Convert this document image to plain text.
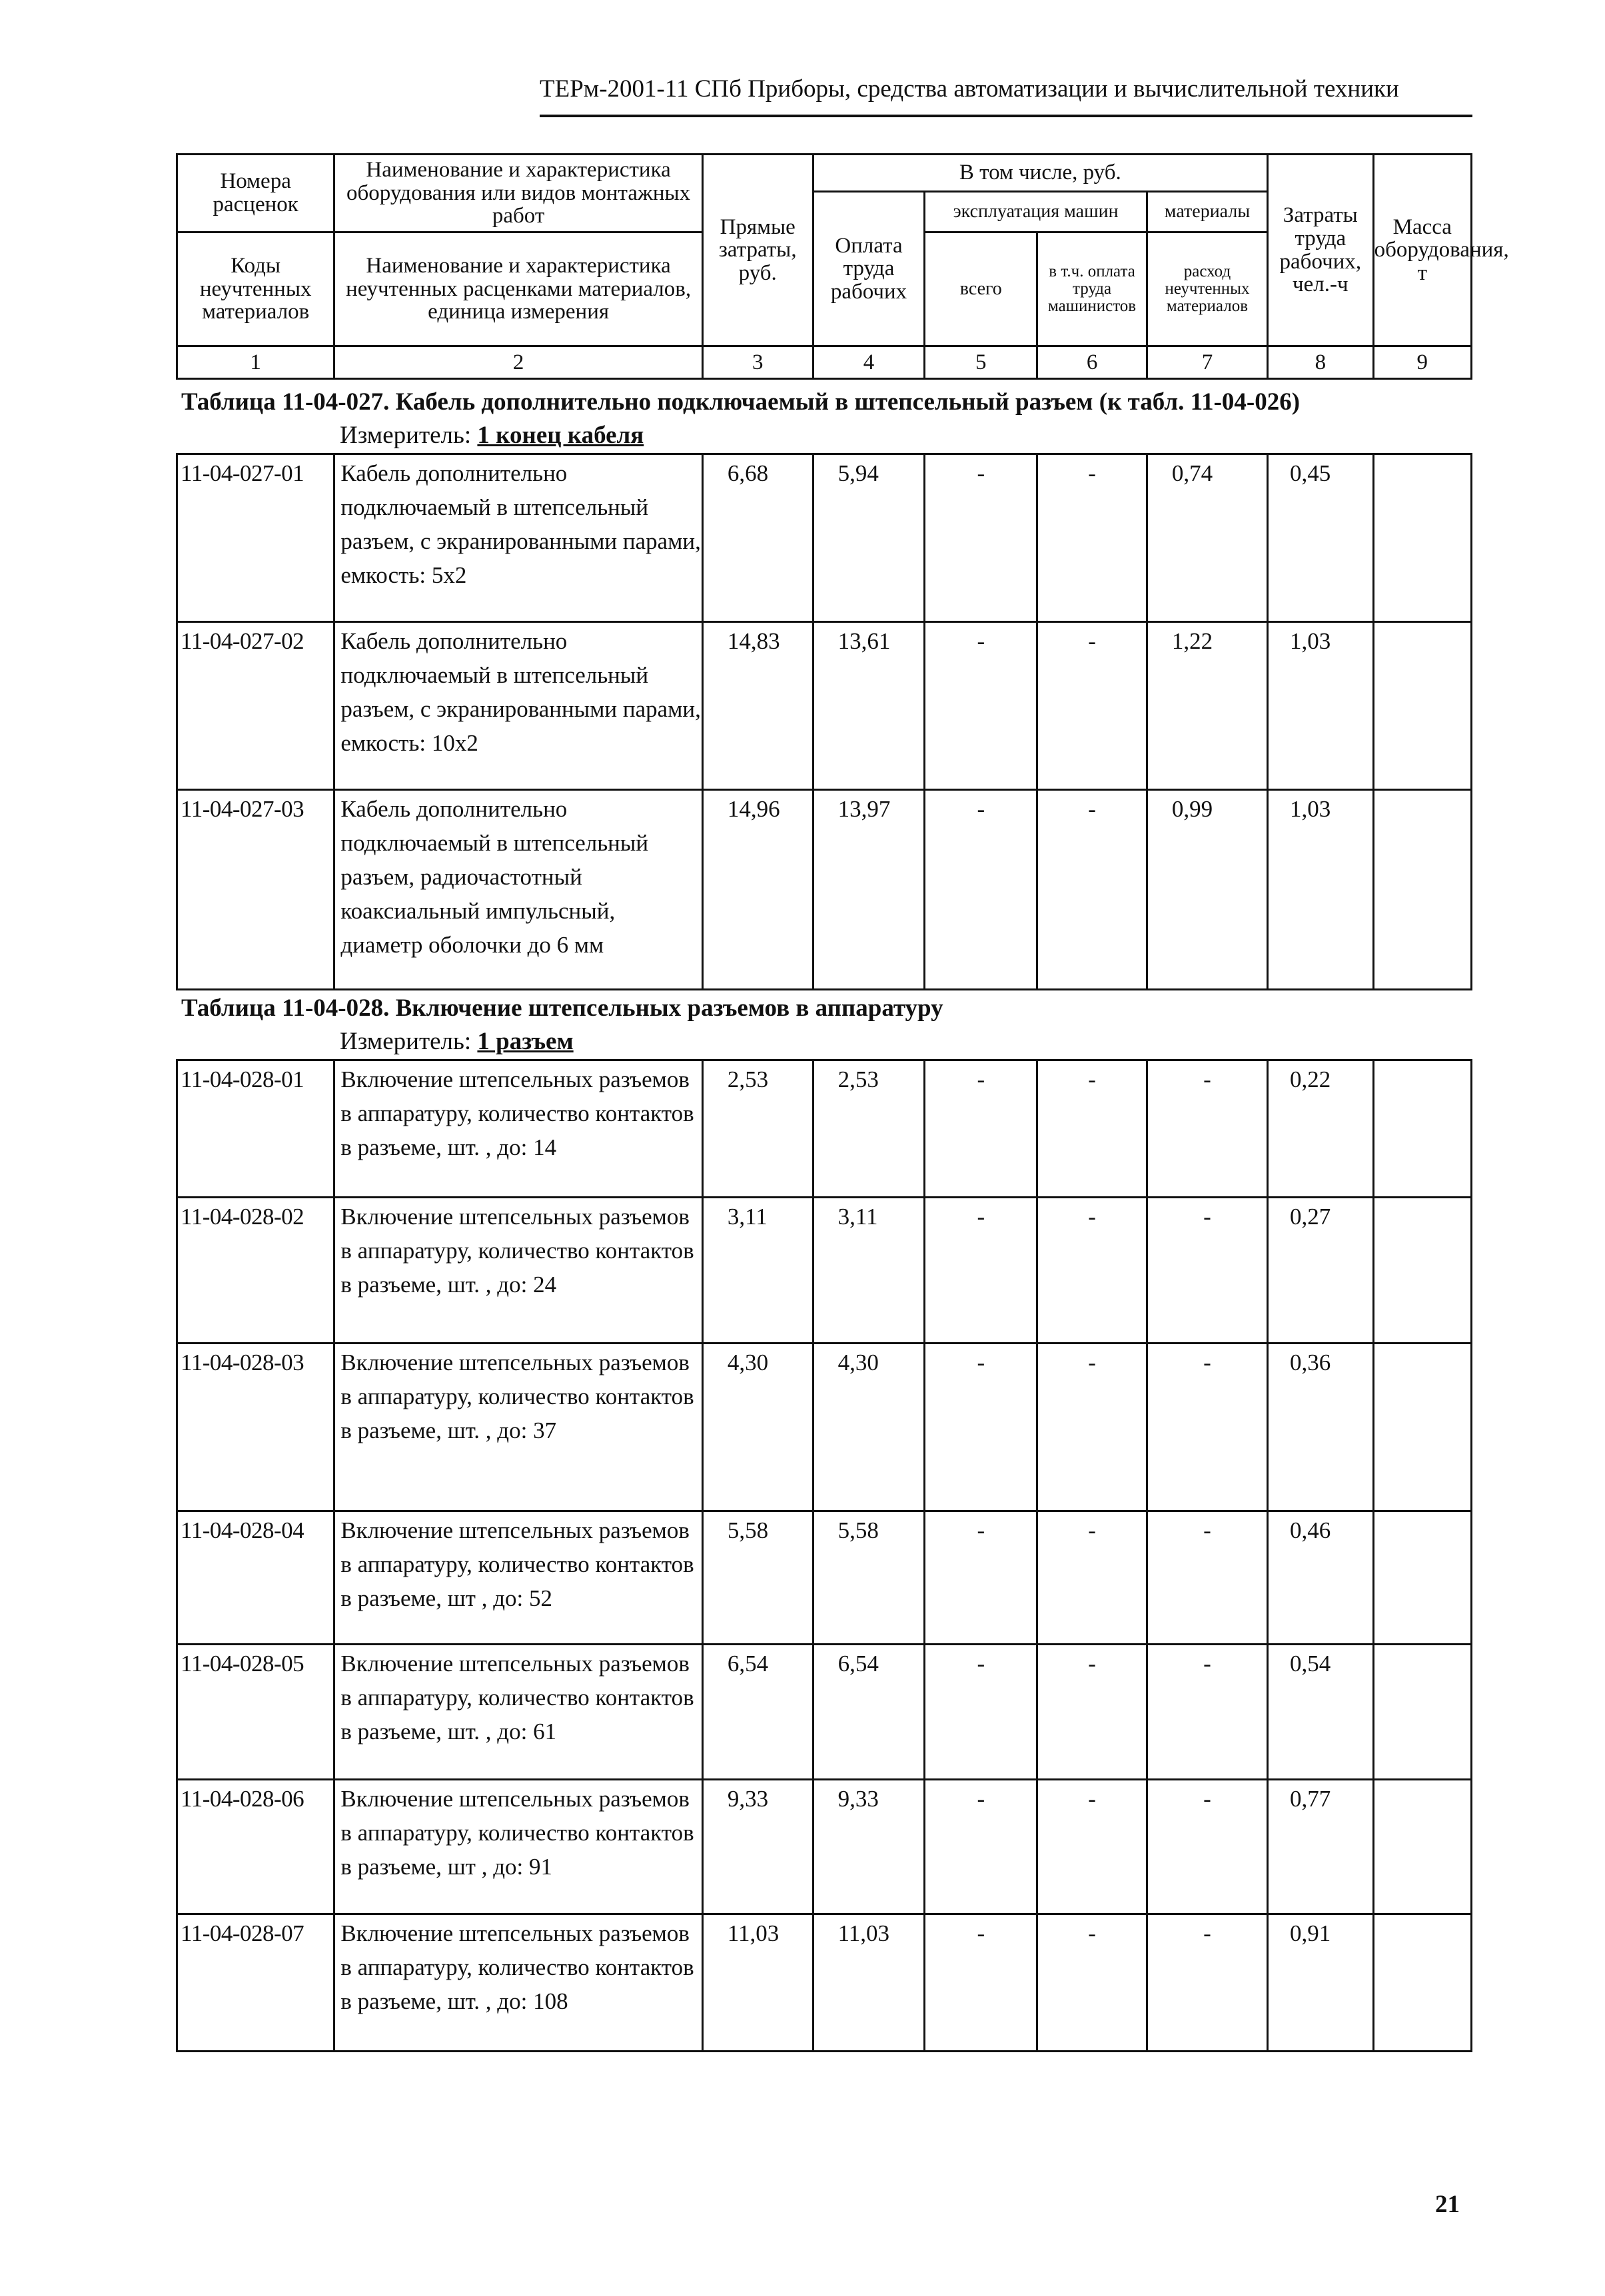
ТЕРм-2001-11 СПб Приборы, средства автоматизации и вычислительной техники
Номера расценок	Наименование и характеристика оборудования или видов монтажных работ	Прямые затраты, руб.	В том числе, руб.				Затраты труда рабочих, чел.-ч	Масса оборудования, т
			Оплата труда рабочих	эксплуатация машин		материалы		
Коды неучтенных материалов	Наименование и характеристика неучтенных расценками материалов, единица измерения			всего	в т.ч. оплата труда машинистов	расход неучтенных материалов		

1	2	3	4	5	6	7	8	9
Таблица 11-04-027. Кабель дополнительно подключаемый в штепсельный разъем (к табл. 11-04-026)
Измеритель: 1 конец кабеля
11-04-027-01	Кабель дополнительно подключаемый в штепсельный разъем, с экранированными парами, емкость: 5х2	6,68	5,94	-	-	0,74	0,45	
11-04-027-02	Кабель дополнительно подключаемый в штепсельный разъем, с экранированными парами, емкость: 10х2	14,83	13,61	-	-	1,22	1,03	
11-04-027-03	Кабель дополнительно подключаемый в штепсельный разъем, радиочастотный коаксиальный импульсный, диаметр оболочки до 6 мм	14,96	13,97	-	-	0,99	1,03	
Таблица 11-04-028. Включение штепсельных разъемов в аппаратуру
Измеритель: 1 разъем
11-04-028-01	Включение штепсельных разъемов в аппаратуру, количество контактов в разъеме, шт. , до: 14	2,53	2,53	-	-	-	0,22	
11-04-028-02	Включение штепсельных разъемов в аппаратуру, количество контактов в разъеме, шт. , до: 24	3,11	3,11	-	-	-	0,27	
11-04-028-03	Включение штепсельных разъемов в аппаратуру, количество контактов в разъеме, шт. , до: 37	4,30	4,30	-	-	-	0,36	
11-04-028-04	Включение штепсельных разъемов в аппаратуру, количество контактов в разъеме, шт , до: 52	5,58	5,58	-	-	-	0,46	
11-04-028-05	Включение штепсельных разъемов в аппаратуру, количество контактов в разъеме, шт. , до: 61	6,54	6,54	-	-	-	0,54	
11-04-028-06	Включение штепсельных разъемов в аппаратуру, количество контактов в разъеме, шт , до: 91	9,33	9,33	-	-	-	0,77	
11-04-028-07	Включение штепсельных разъемов в аппаратуру, количество контактов в разъеме, шт. , до: 108	11,03	11,03	-	-	-	0,91	
21
